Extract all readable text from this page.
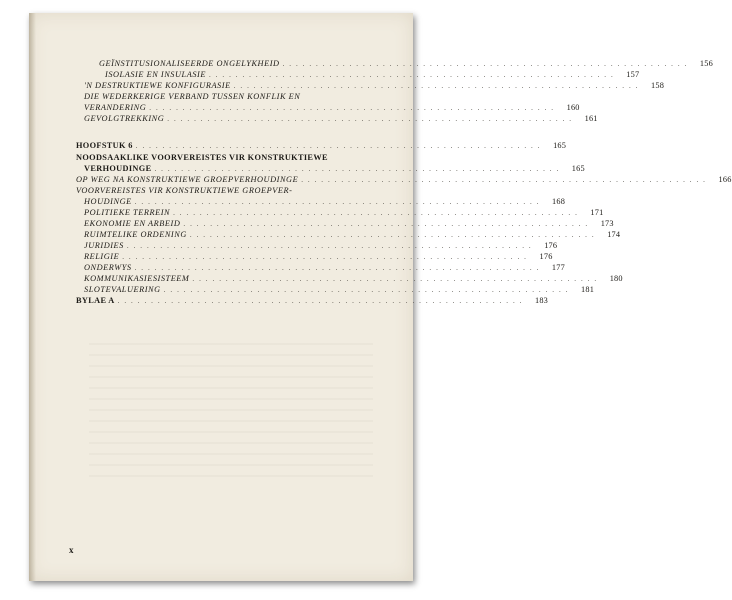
GEÏNSTITUSIONALISEERDE ONGELYKHEID . . . . . . . . . . . . . . . . . . . . . . . . . . . . . . . . . . . . . . . . . . . . . . . . . . . . . . . . . . . . .	156
ISOLASIE EN INSULASIE . . . . . . . . . . . . . . . . . . . . . . . . . . . . . . . . . . . . . . . . . . . . . . . . . . . . . . . . . . . . .	157
'N DESTRUKTIEWE KONFIGURASIE . . . . . . . . . . . . . . . . . . . . . . . . . . . . . . . . . . . . . . . . . . . . . . . . . . . . . . . . . . . . .	158
DIE WEDERKERIGE VERBAND TUSSEN KONFLIK EN
VERANDERING . . . . . . . . . . . . . . . . . . . . . . . . . . . . . . . . . . . . . . . . . . . . . . . . . . . . . . . . . . . . .	160
GEVOLGTREKKING . . . . . . . . . . . . . . . . . . . . . . . . . . . . . . . . . . . . . . . . . . . . . . . . . . . . . . . . . . . . .	161
HOOFSTUK 6 . . . . . . . . . . . . . . . . . . . . . . . . . . . . . . . . . . . . . . . . . . . . . . . . . . . . . . . . . . . . .	165
NOODSAAKLIKE VOORVEREISTES VIR KONSTRUKTIEWE
VERHOUDINGE . . . . . . . . . . . . . . . . . . . . . . . . . . . . . . . . . . . . . . . . . . . . . . . . . . . . . . . . . . . . .	165
OP WEG NA KONSTRUKTIEWE GROEPVERHOUDINGE . . . . . . . . . . . . . . . . . . . . . . . . . . . . . . . . . . . . . . . . . . . . . . . . . . . . . . . . . . . . .	166
VOORVEREISTES VIR KONSTRUKTIEWE GROEPVER-
HOUDINGE . . . . . . . . . . . . . . . . . . . . . . . . . . . . . . . . . . . . . . . . . . . . . . . . . . . . . . . . . . . . .	168
POLITIEKE TERREIN . . . . . . . . . . . . . . . . . . . . . . . . . . . . . . . . . . . . . . . . . . . . . . . . . . . . . . . . . . . . .	171
EKONOMIE EN ARBEID . . . . . . . . . . . . . . . . . . . . . . . . . . . . . . . . . . . . . . . . . . . . . . . . . . . . . . . . . . . . .	173
RUIMTELIKE ORDENING . . . . . . . . . . . . . . . . . . . . . . . . . . . . . . . . . . . . . . . . . . . . . . . . . . . . . . . . . . . . .	174
JURIDIES . . . . . . . . . . . . . . . . . . . . . . . . . . . . . . . . . . . . . . . . . . . . . . . . . . . . . . . . . . . . .	176
RELIGIE . . . . . . . . . . . . . . . . . . . . . . . . . . . . . . . . . . . . . . . . . . . . . . . . . . . . . . . . . . . . .	176
ONDERWYS . . . . . . . . . . . . . . . . . . . . . . . . . . . . . . . . . . . . . . . . . . . . . . . . . . . . . . . . . . . . .	177
KOMMUNIKASIESISTEEM . . . . . . . . . . . . . . . . . . . . . . . . . . . . . . . . . . . . . . . . . . . . . . . . . . . . . . . . . . . . .	180
SLOTEVALUERING . . . . . . . . . . . . . . . . . . . . . . . . . . . . . . . . . . . . . . . . . . . . . . . . . . . . . . . . . . . . .	181
BYLAE A . . . . . . . . . . . . . . . . . . . . . . . . . . . . . . . . . . . . . . . . . . . . . . . . . . . . . . . . . . . . .	183
x
